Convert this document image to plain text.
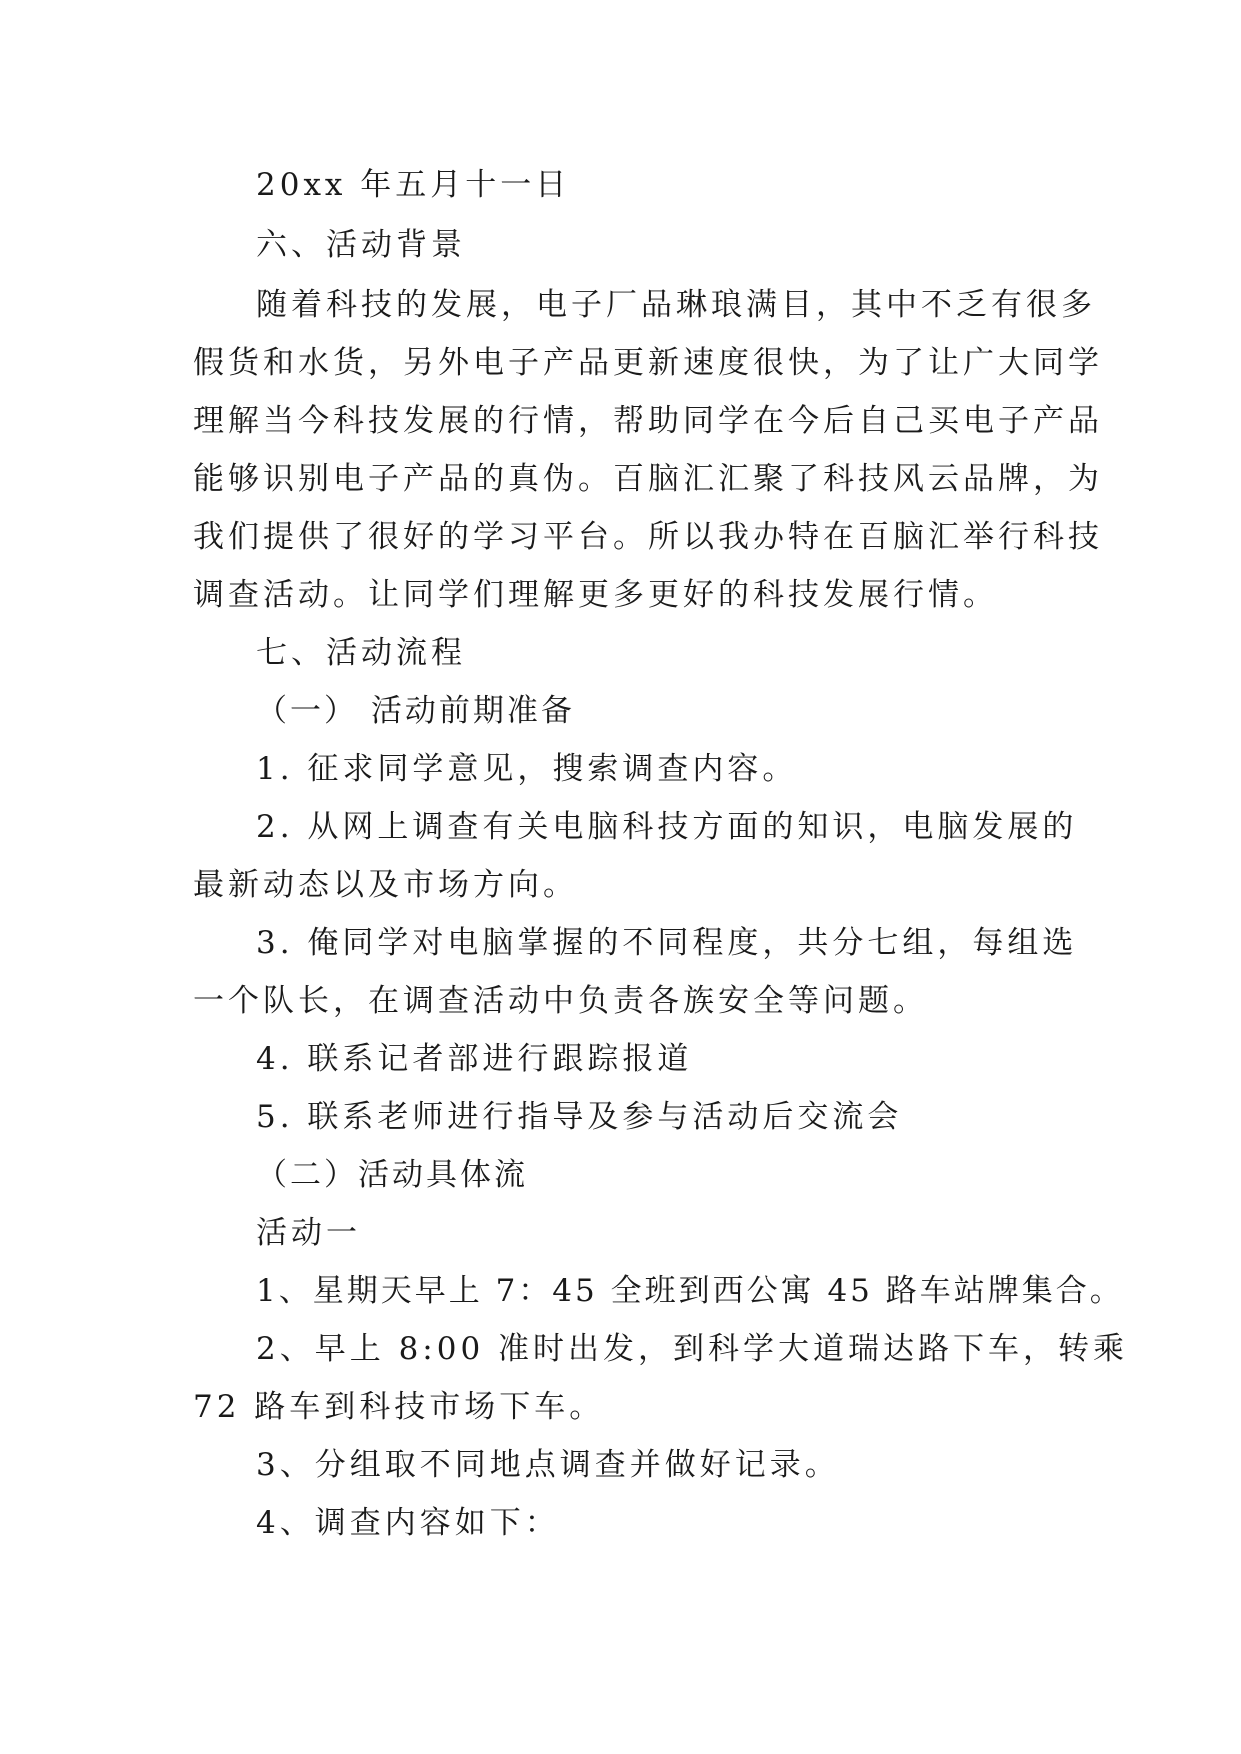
20xx 年五月十一日
六、活动背景
随着科技的发展，电子厂品琳琅满目，其中不乏有很多
假货和水货，另外电子产品更新速度很快，为了让广大同学
理解当今科技发展的行情，帮助同学在今后自己买电子产品
能够识别电子产品的真伪。百脑汇汇聚了科技风云品牌，为
我们提供了很好的学习平台。所以我办特在百脑汇举行科技
调查活动。让同学们理解更多更好的科技发展行情。
七、活动流程
（一） 活动前期准备
1. 征求同学意见，搜索调查内容。
2. 从网上调查有关电脑科技方面的知识，电脑发展的
最新动态以及市场方向。
3. 俺同学对电脑掌握的不同程度，共分七组，每组选
一个队长，在调查活动中负责各族安全等问题。
4. 联系记者部进行跟踪报道
5. 联系老师进行指导及参与活动后交流会
（二）活动具体流
活动一
1、星期天早上 7：45 全班到西公寓 45 路车站牌集合。
2、早上 8:00 准时出发，到科学大道瑞达路下车，转乘
72 路车到科技市场下车。
3、分组取不同地点调查并做好记录。
4、调查内容如下：
